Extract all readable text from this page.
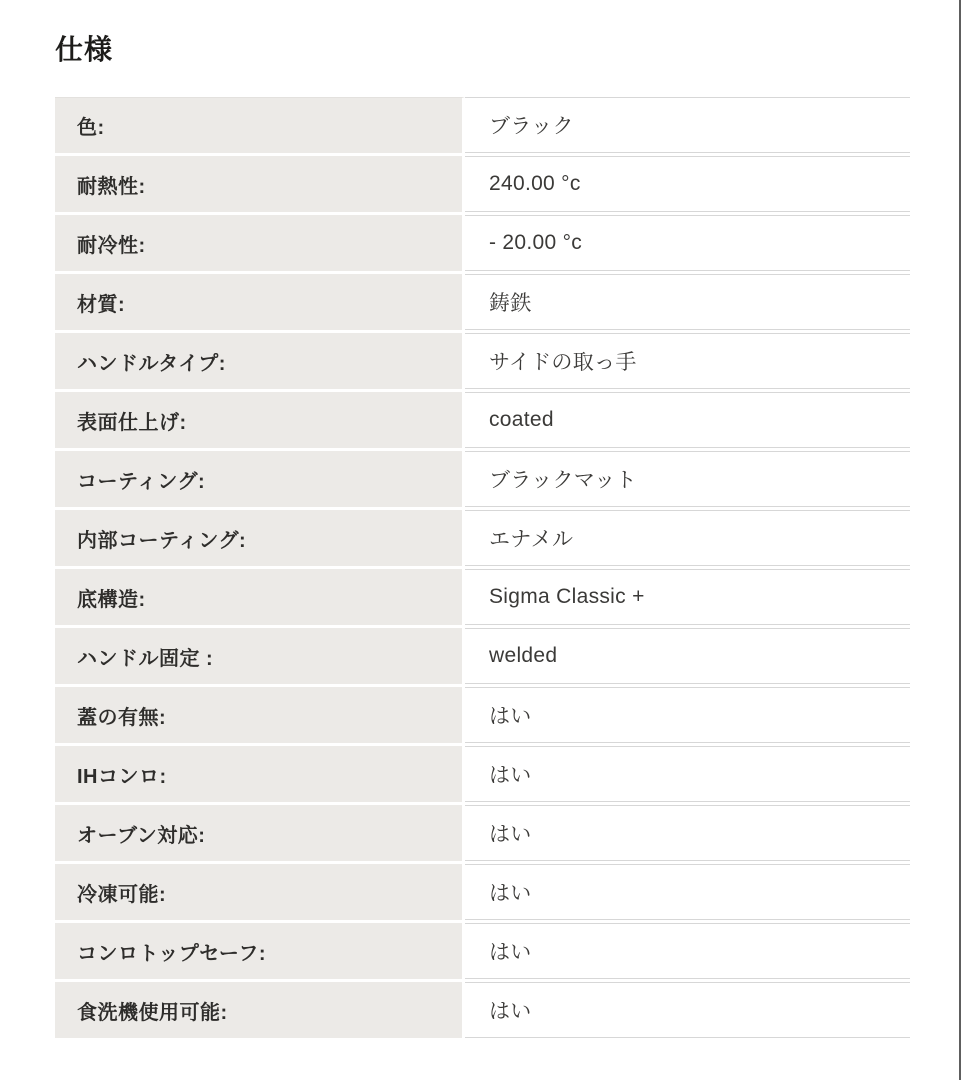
仕様
色:	ブラック
耐熱性:	240.00 °c
耐冷性:	- 20.00 °c
材質:	鋳鉄
ハンドルタイプ:	サイドの取っ手
表面仕上げ:	coated
コーティング:	ブラックマット
内部コーティング:	エナメル
底構造:	Sigma Classic +
ハンドル固定 :	welded
蓋の有無:	はい
IHコンロ:	はい
オーブン対応:	はい
冷凍可能:	はい
コンロトップセーフ:	はい
食洗機使用可能:	はい
